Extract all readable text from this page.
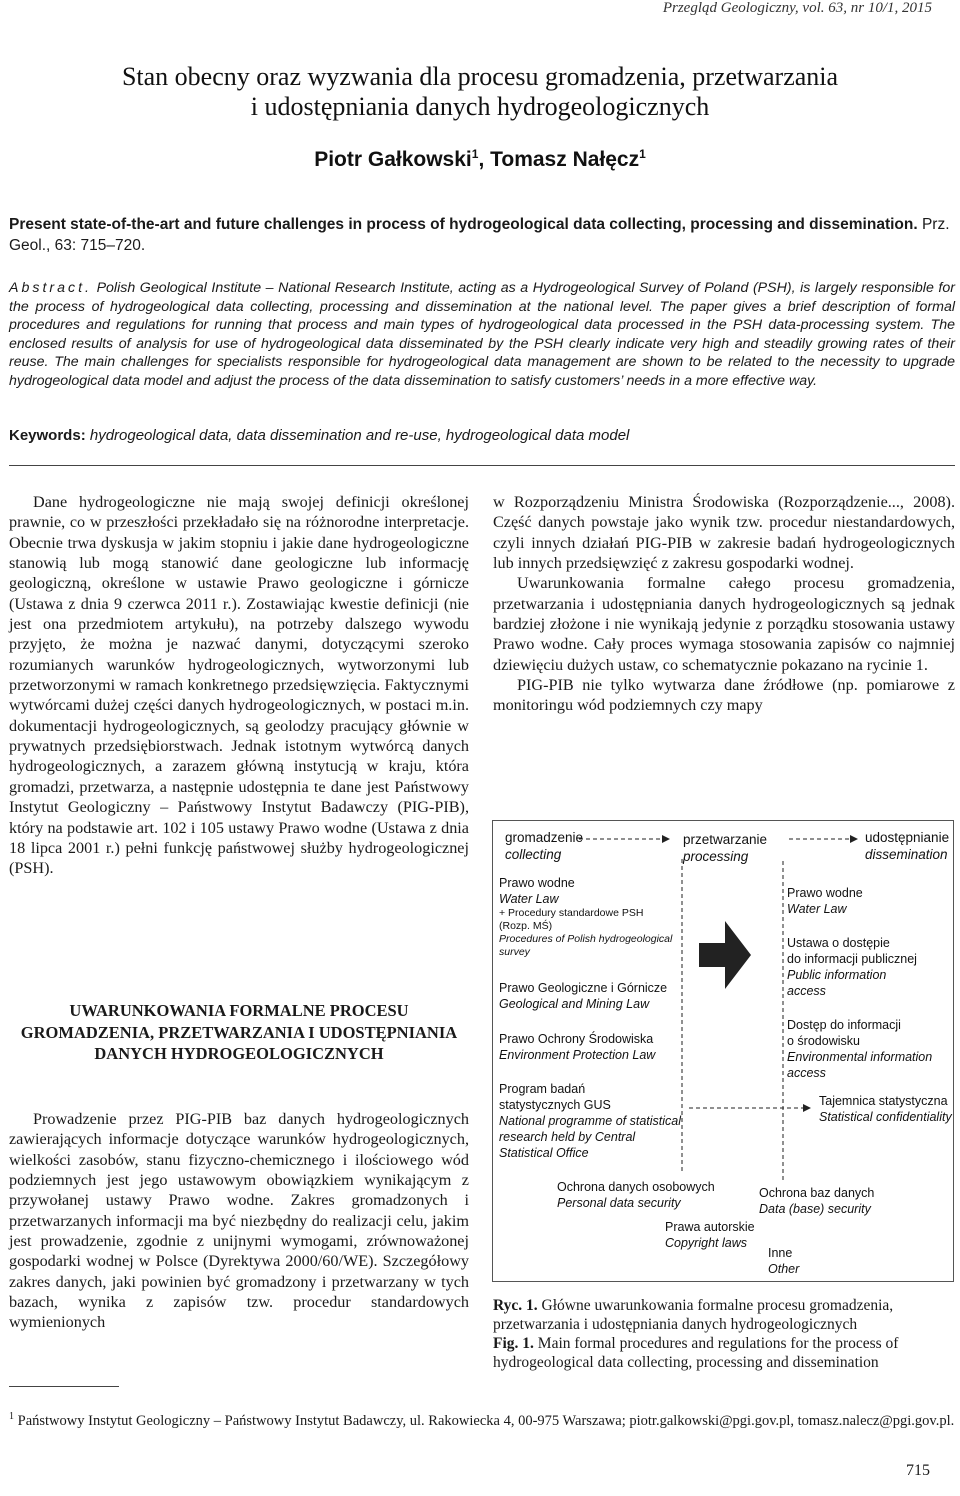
Przegląd Geologiczny, vol. 63, nr 10/1, 2015
Stan obecny oraz wyzwania dla procesu gromadzenia, przetwarzania
i udostępniania danych hydrogeologicznych
Piotr Gałkowski$^1$, Tomasz Nałęcz$^1$
Present state-of-the-art and future challenges in process of hydrogeological data collecting, processing and dissemination. Prz. Geol., 63: 715–720.
Abstract. Polish Geological Institute – National Research Institute, acting as a Hydrogeological Survey of Poland (PSH), is largely responsible for the process of hydrogeological data collecting, processing and dissemination at the national level. The paper gives a brief description of formal procedures and regulations for running that process and main types of hydrogeological data processed in the PSH data-processing system. The enclosed results of analysis for use of hydrogeological data disseminated by the PSH clearly indicate very high and steadily growing rates of their reuse. The main challenges for specialists responsible for hydrogeological data management are shown to be related to the necessity to upgrade hydrogeological data model and adjust the process of the data dissemination to satisfy customers’ needs in a more effective way.
Keywords: hydrogeological data, data dissemination and re-use, hydrogeological data model

Dane hydrogeologiczne nie mają swojej definicji określonej prawnie, co w przeszłości przekładało się na różnorodne interpretacje. Obecnie trwa dyskusja w jakim stopniu i jakie dane hydrogeologiczne stanowią lub mogą stanowić dane geologiczne lub informację geologiczną, określone w ustawie Prawo geologiczne i górnicze (Ustawa z dnia 9 czerwca 2011 r.). Zostawiając kwestie definicji (nie jest ona przedmiotem artykułu), na potrzeby dalszego wywodu przyjęto, że można je nazwać danymi, dotyczącymi szeroko rozumianych warunków hydrogeologicznych, wytworzonymi lub przetworzonymi w ramach konkretnego przedsięwzięcia. Faktycznymi wytwórcami dużej części danych hydrogeologicznych, w postaci m.in. dokumentacji hydrogeologicznych, są geolodzy pracujący głównie w prywatnych przedsiębiorstwach. Jednak istotnym wytwórcą danych hydrogeologicznych, a zarazem główną instytucją w kraju, która gromadzi, przetwarza, a następnie udostępnia te dane jest Państwowy Instytut Geologiczny – Państwowy Instytut Badawczy (PIG-PIB), który na podstawie art. 102 i 105 ustawy Prawo wodne (Ustawa z dnia 18 lipca 2001 r.) pełni funkcję państwowej służby hydrogeologicznej (PSH).

UWARUNKOWANIA FORMALNE PROCESU GROMADZENIA, PRZETWARZANIA I UDOSTĘPNIANIA DANYCH HYDROGEOLOGICZNYCH

Prowadzenie przez PIG-PIB baz danych hydrogeologicznych zawierających informacje dotyczące warunków hydrogeologicznych, wielkości zasobów, stanu fizyczno-chemicznego i ilościowego wód podziemnych jest jego ustawowym obowiązkiem wynikającym z przywołanej ustawy Prawo wodne. Zakres gromadzonych i przetwarzanych informacji ma być niezbędny do realizacji celu, jakim jest prowadzenie, zgodnie z unijnymi wymogami, zrównoważonej gospodarki wodnej w Polsce (Dyrektywa 2000/60/WE). Szczegółowy zakres danych, jaki powinien być gromadzony i przetwarzany w tych bazach, wynika z zapisów tzw. procedur standardowych wymienionych

w Rozporządzeniu Ministra Środowiska (Rozporządzenie..., 2008). Część danych powstaje jako wynik tzw. procedur niestandardowych, czyli innych działań PIG-PIB w zakresie badań hydrogeologicznych lub innych przedsięwzięć z zakresu gospodarki wodnej.

Uwarunkowania formalne całego procesu gromadzenia, przetwarzania i udostępniania danych hydrogeologicznych są jednak bardziej złożone i nie wynikają jedynie z porządku stosowania ustawy Prawo wodne. Cały proces wymaga stosowania zapisów co najmniej dziewięciu dużych ustaw, co schematycznie pokazano na rycinie 1.

PIG-PIB nie tylko wytwarza dane źródłowe (np. pomiarowe z monitoringu wód podziemnych czy mapy

gromadzenie
collecting
przetwarzanie
processing
udostępnianie
dissemination
Prawo wodne
Water Law
+ Procedury standardowe PSH
(Rozp. MŚ)
Procedures of Polish hydrogeological
survey
Prawo Geologiczne i Górnicze
Geological and Mining Law
Prawo Ochrony Środowiska
Environment Protection Law
Program badań
statystycznych GUS
National programme of statistical
research held by Central
Statistical Office
Prawo wodne
Water Law
Ustawa o dostępie
do informacji publicznej
Public information
access
Dostęp do informacji
o środowisku
Environmental information
access
Tajemnica statystyczna
Statistical confidentiality
Ochrona danych osobowych
Personal data security
Ochrona baz danych
Data (base) security
Prawa autorskie
Copyright laws
Inne
Other
Ryc. 1. Główne uwarunkowania formalne procesu gromadzenia, przetwarzania i udostępniania danych hydrogeologicznych
Fig. 1. Main formal procedures and regulations for the process of hydrogeological data collecting, processing and dissemination
$^1$ Państwowy Instytut Geologiczny – Państwowy Instytut Badawczy, ul. Rakowiecka 4, 00-975 Warszawa; piotr.galkowski@pgi.gov.pl, tomasz.nalecz@pgi.gov.pl.
715
